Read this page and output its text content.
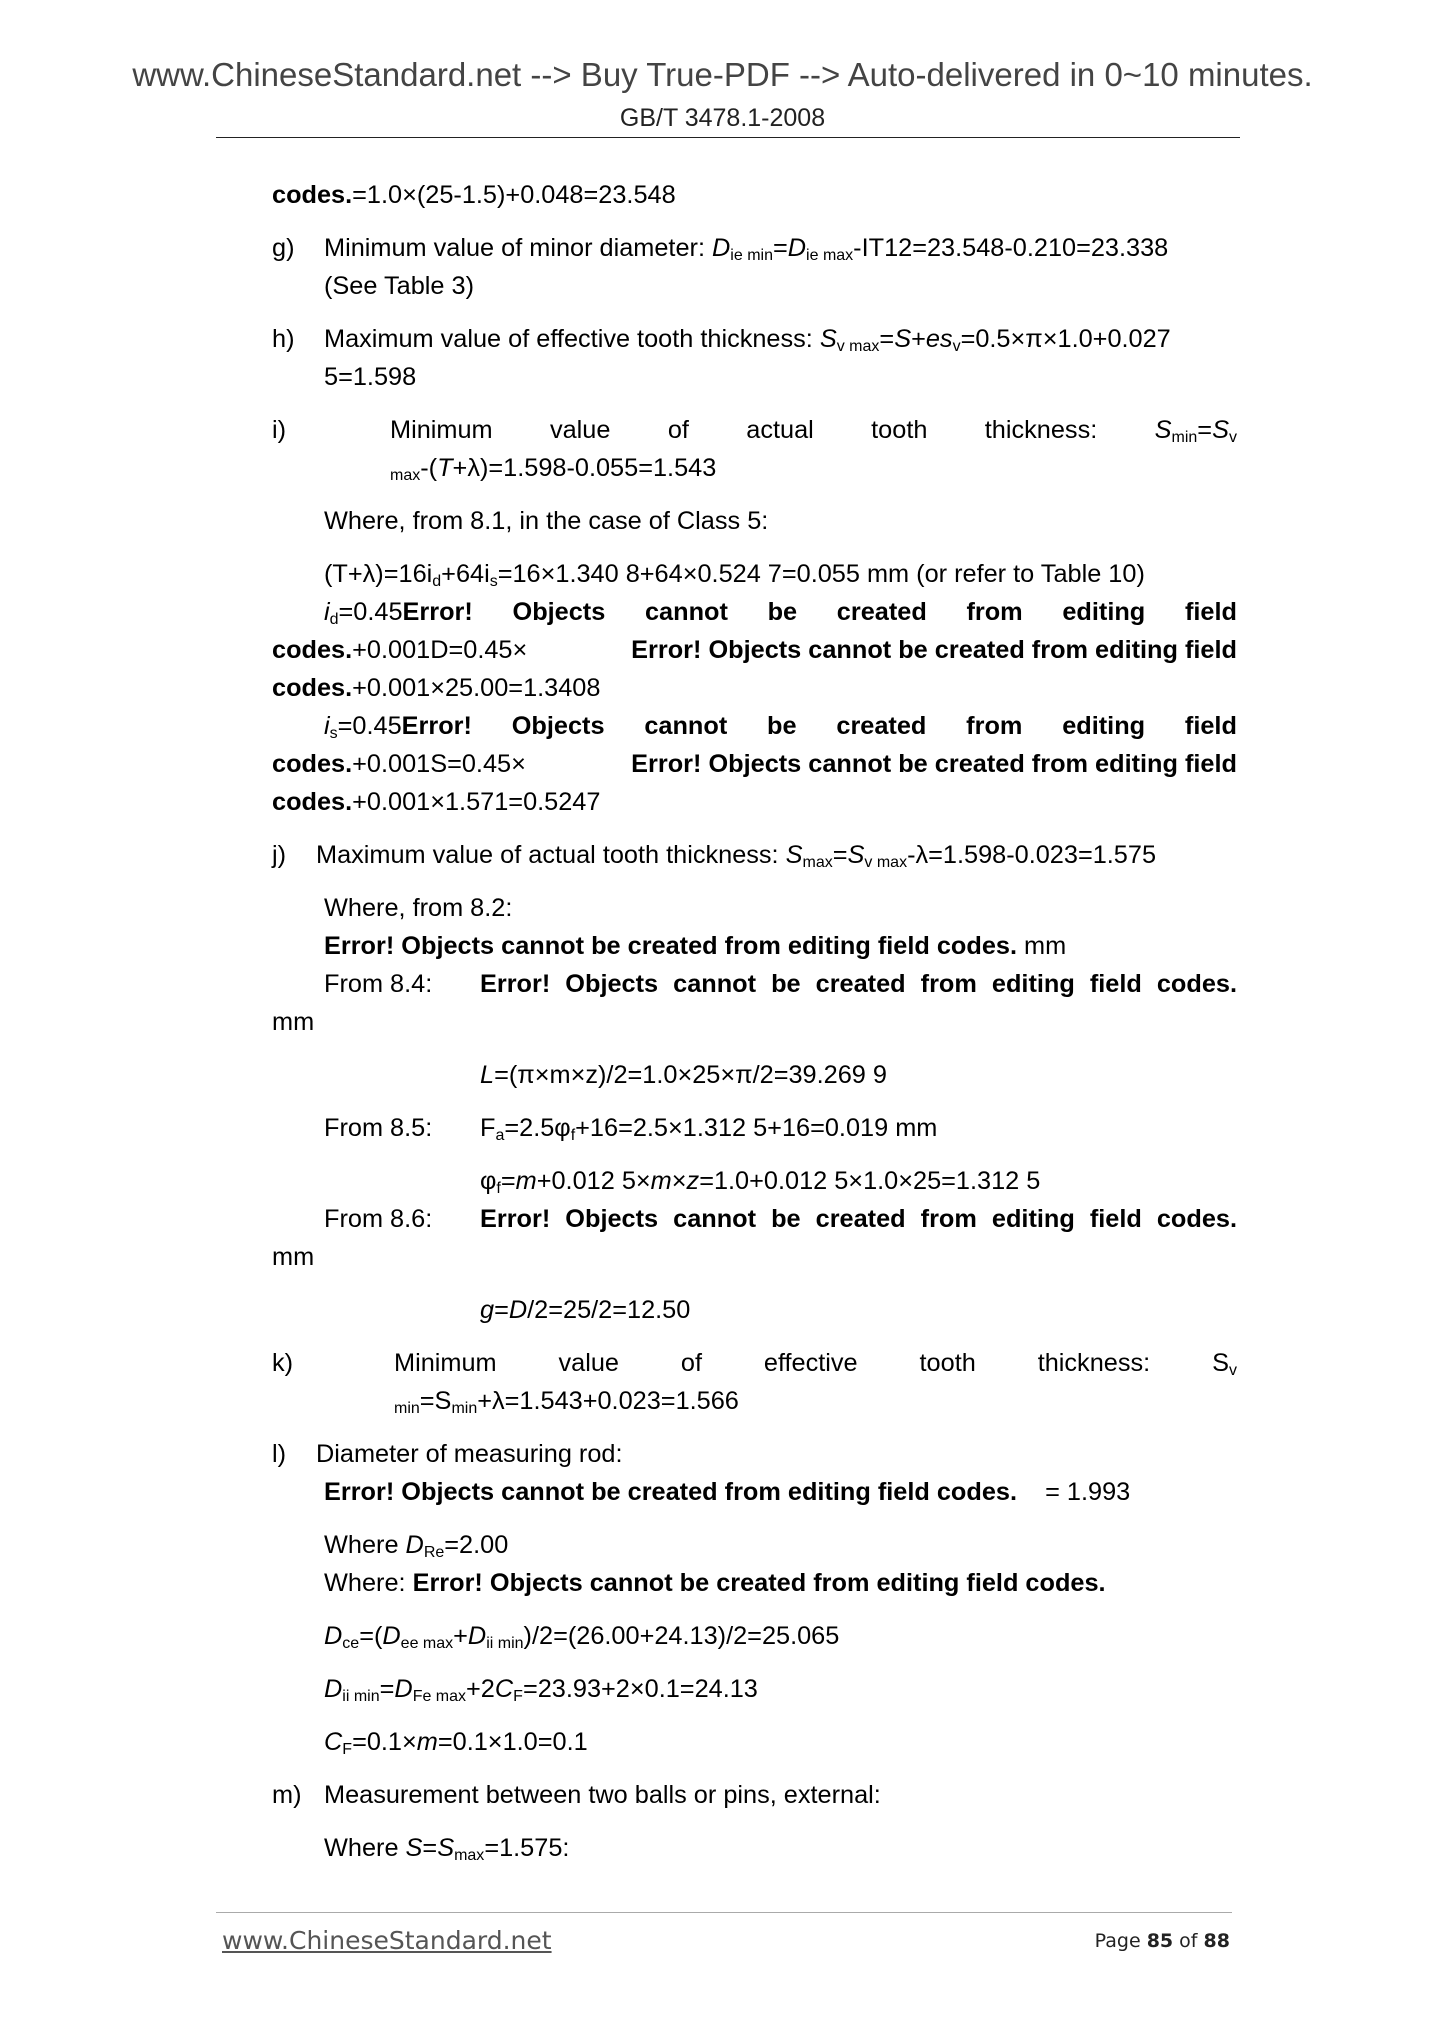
www.ChineseStandard.net --> Buy True-PDF --> Auto-delivered in 0~10 minutes.
GB/T 3478.1-2008

codes.=1.0×(25-1.5)+0.048=23.548

g)	Minimum value of minor diameter: $D_{ie min}=D_{ie max}-IT12=23.548-0.210=23.338$
(See Table 3)
h)	Maximum value of effective tooth thickness: $S_{v max}=S+es_v=0.5\times\pi\times 1.0+0.027$
5=1.598
i)	Minimum value of actual tooth thickness: $S_{min}=S_v$
$_{max}$-(T+λ)=1.598-0.055=1.543

Where, from 8.1, in the case of Class 5:

$(T+\lambda)=16i_d+64i_s=16\times 1.340$ 8+64×0.524 7=0.055 mm (or refer to Table 10)

$i_d=0.45Error$! Objects cannot be created from editing field
codes.+0.001D=0.45×	Error! Objects cannot be created from editing field

codes.+0.001×25.00=1.3408

$i_s=0.45Error$! Objects cannot be created from editing field
codes.+0.001S=0.45×	Error! Objects cannot be created from editing field

codes.+0.001×1.571=0.5247

j)	Maximum value of actual tooth thickness: $S_{max}=S_{v max}-\lambda=1.598-0.023=1.575$

Where, from 8.2:

Error! Objects cannot be created from editing field codes. mm

From 8.4:	Error! Objects cannot be created from editing field codes.

mm

L=(π×m×z)/2=1.0×25×π/2=39.269 9

From 8.5:	$F_a=2.5\varphi_f+16=2.5\times 1.312$ 5+16=0.019 mm

$\varphi_f=m+0.012$ 5×m×z=1.0+0.012 5×1.0×25=1.312 5

From 8.6:	Error! Objects cannot be created from editing field codes.

mm

g=D/2=25/2=12.50

k)	Minimum value of effective tooth thickness: $S_v$
$_{min}=S_{min}+\lambda=1.543+0.023=1.566$
l)	Diameter of measuring rod:

Error! Objects cannot be created from editing field codes. = 1.993

Where $D_{Re}=2.00$

Where: Error! Objects cannot be created from editing field codes.

$D_{ce}=(D_{ee max}+D_{ii min})/2=(26.00+24.13)/2=25.065$

$D_{ii min}=D_{Fe max}+2C_F=23.93+2\times 0.1=24.13$

$C_F=0.1\times m=0.1\times 1.0=0.1$

m) Measurement between two balls or pins, external:

Where $S=S_{max}=1.575$:

www.ChineseStandard.net	Page 85 of 88
